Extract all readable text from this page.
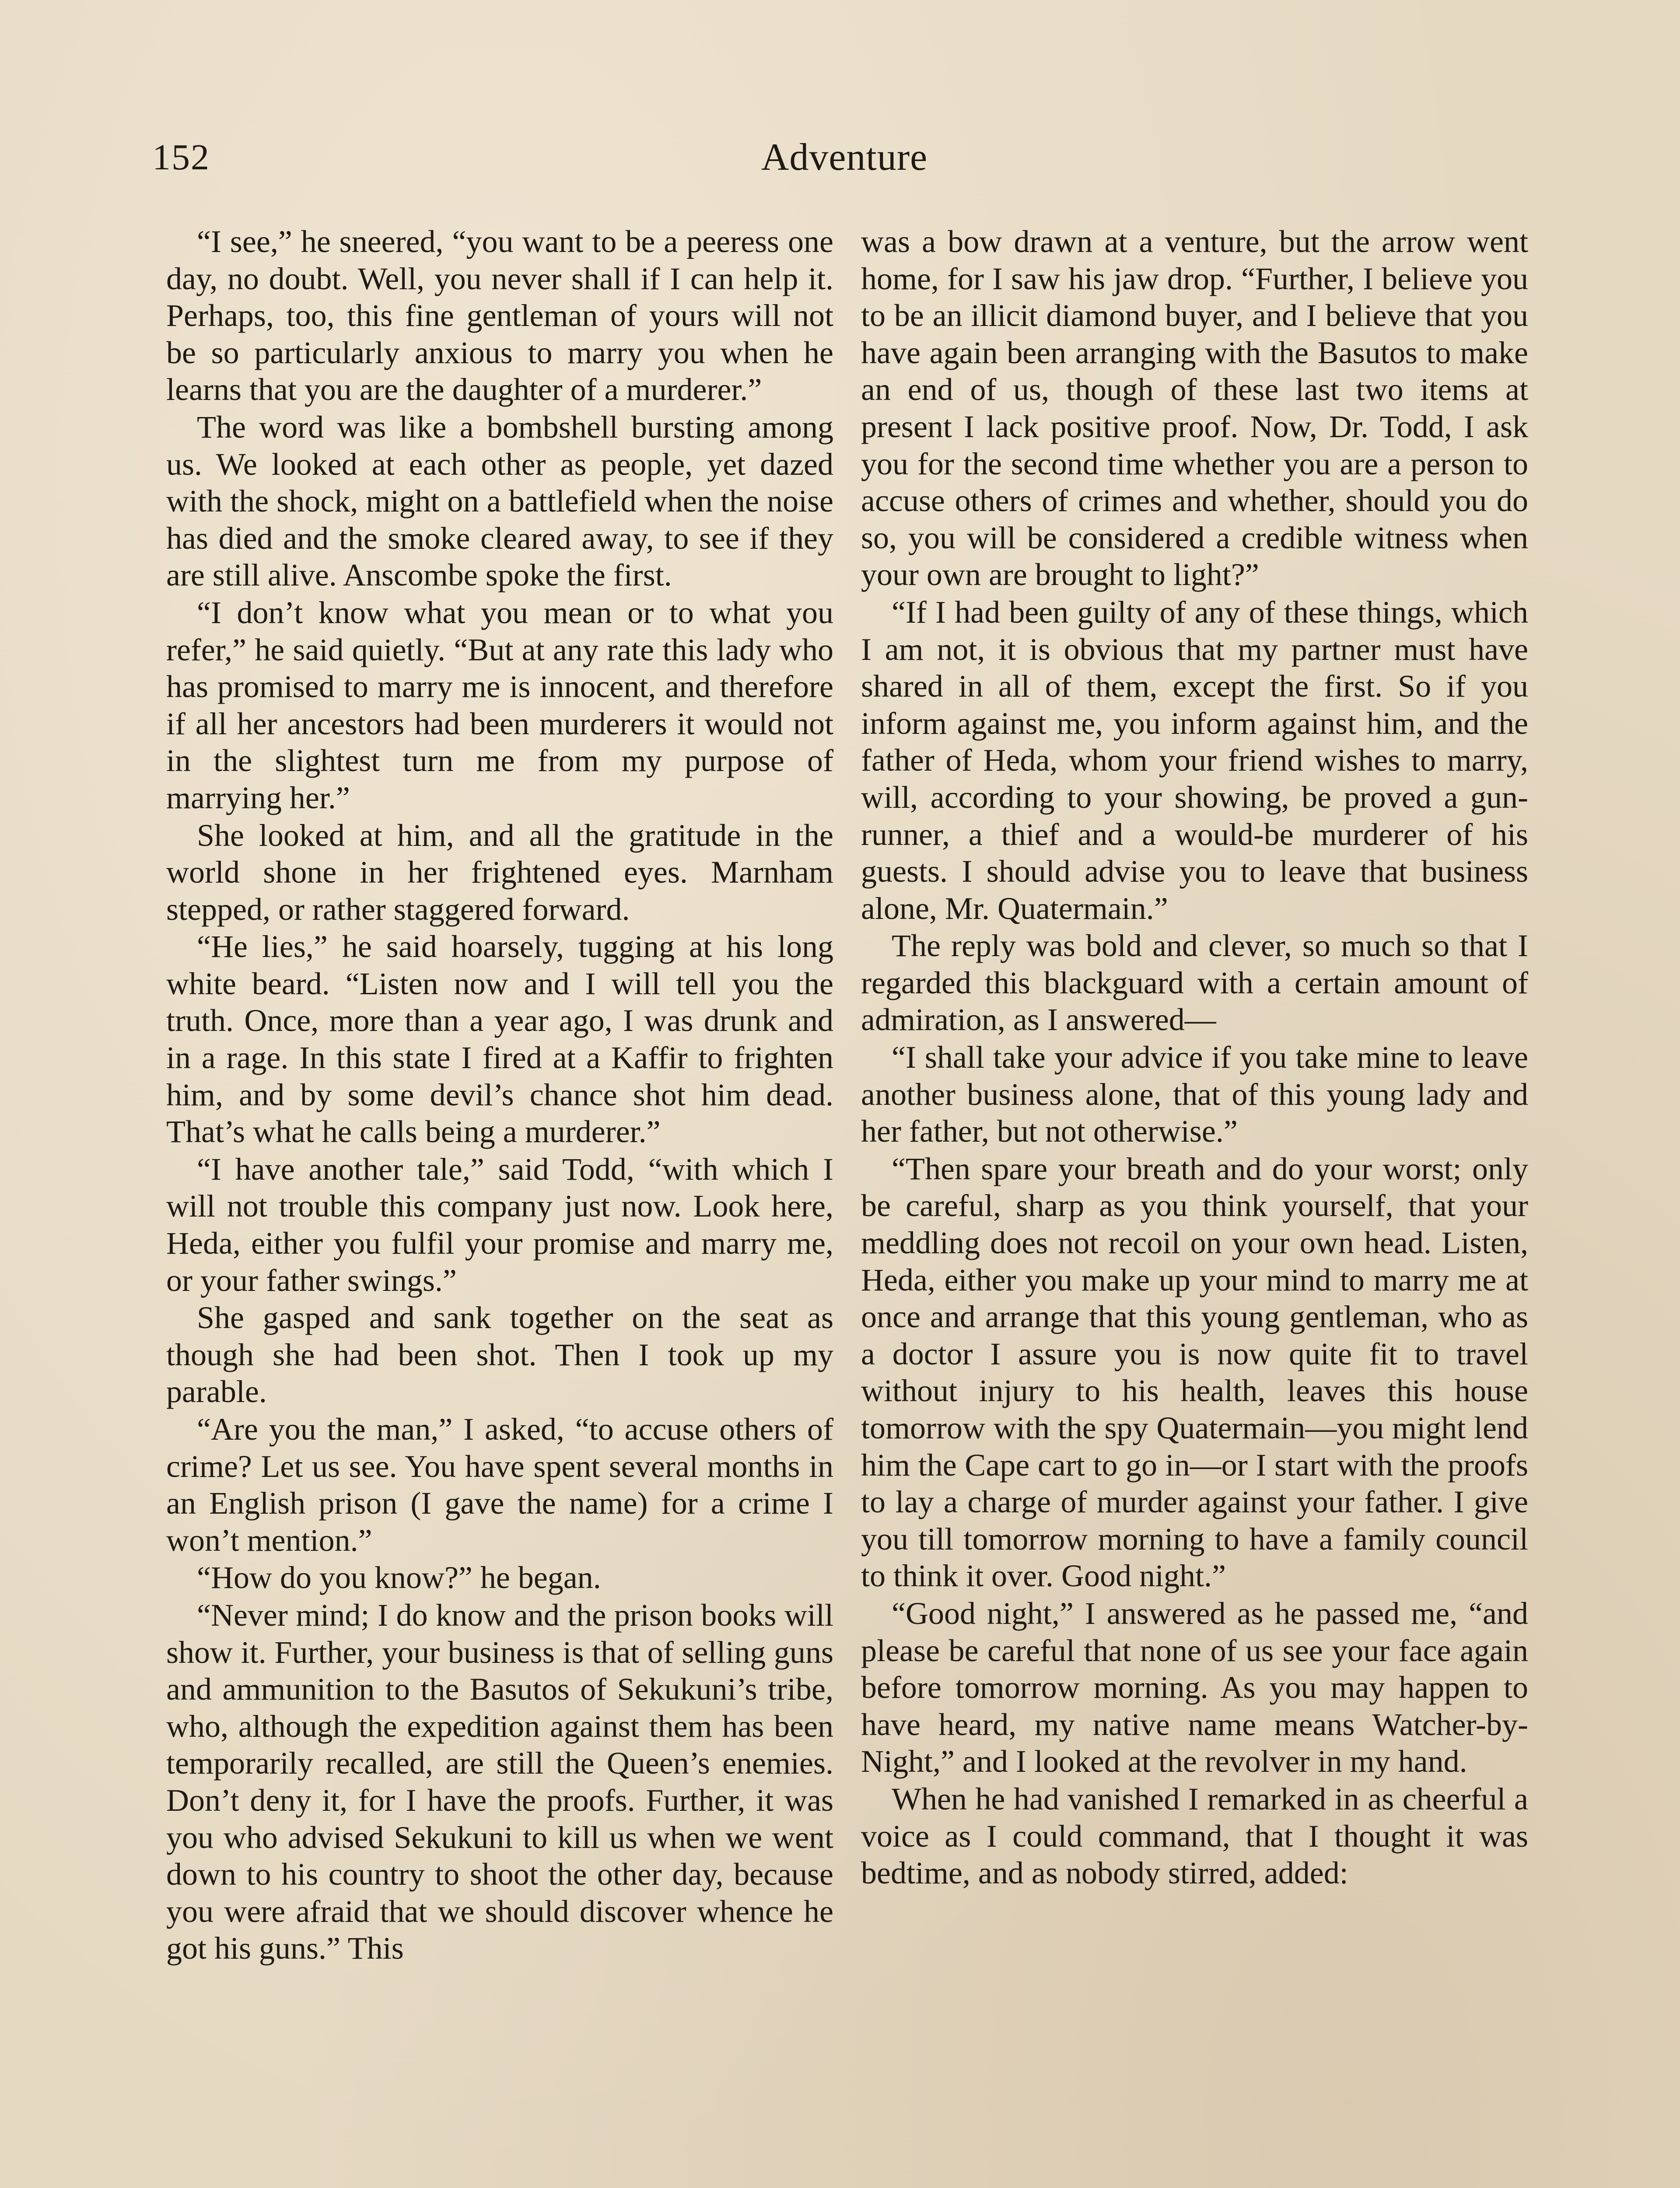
152	Adventure

“I see,” he sneered, “you want to be a peeress one day, no doubt. Well, you never shall if I can help it. Perhaps, too, this fine gentleman of yours will not be so particularly anxious to marry you when he learns that you are the daughter of a murderer.”

The word was like a bombshell bursting among us. We looked at each other as people, yet dazed with the shock, might on a battlefield when the noise has died and the smoke cleared away, to see if they are still alive. Anscombe spoke the first.

“I don’t know what you mean or to what you refer,” he said quietly. “But at any rate this lady who has promised to marry me is innocent, and therefore if all her ancestors had been murderers it would not in the slightest turn me from my purpose of marrying her.”

She looked at him, and all the gratitude in the world shone in her frightened eyes. Marnham stepped, or rather staggered forward.

“He lies,” he said hoarsely, tugging at his long white beard. “Listen now and I will tell you the truth. Once, more than a year ago, I was drunk and in a rage. In this state I fired at a Kaffir to frighten him, and by some devil’s chance shot him dead. That’s what he calls being a murderer.”

“I have another tale,” said Todd, “with which I will not trouble this company just now. Look here, Heda, either you fulfil your promise and marry me, or your father swings.”

She gasped and sank together on the seat as though she had been shot. Then I took up my parable.

“Are you the man,” I asked, “to accuse others of crime? Let us see. You have spent several months in an English prison (I gave the name) for a crime I won’t mention.”

“How do you know?” he began.

“Never mind; I do know and the prison books will show it. Further, your business is that of selling guns and ammunition to the Basutos of Sekukuni’s tribe, who, although the expedition against them has been temporarily recalled, are still the Queen’s enemies. Don’t deny it, for I have the proofs. Further, it was you who advised Sekukuni to kill us when we went down to his country to shoot the other day, because you were afraid that we should discover whence he got his guns.” This

was a bow drawn at a venture, but the arrow went home, for I saw his jaw drop. “Further, I believe you to be an illicit diamond buyer, and I believe that you have again been arranging with the Basutos to make an end of us, though of these last two items at present I lack positive proof. Now, Dr. Todd, I ask you for the second time whether you are a person to accuse others of crimes and whether, should you do so, you will be considered a credible witness when your own are brought to light?”

“If I had been guilty of any of these things, which I am not, it is obvious that my partner must have shared in all of them, except the first. So if you inform against me, you inform against him, and the father of Heda, whom your friend wishes to marry, will, according to your showing, be proved a gun-runner, a thief and a would-be murderer of his guests. I should advise you to leave that business alone, Mr. Quatermain.”

The reply was bold and clever, so much so that I regarded this blackguard with a certain amount of admiration, as I answered—

“I shall take your advice if you take mine to leave another business alone, that of this young lady and her father, but not otherwise.”

“Then spare your breath and do your worst; only be careful, sharp as you think yourself, that your meddling does not recoil on your own head. Listen, Heda, either you make up your mind to marry me at once and arrange that this young gentleman, who as a doctor I assure you is now quite fit to travel without injury to his health, leaves this house tomorrow with the spy Quatermain—you might lend him the Cape cart to go in—or I start with the proofs to lay a charge of murder against your father. I give you till tomorrow morning to have a family council to think it over. Good night.”

“Good night,” I answered as he passed me, “and please be careful that none of us see your face again before tomorrow morning. As you may happen to have heard, my native name means Watcher-by-Night,” and I looked at the revolver in my hand.

When he had vanished I remarked in as cheerful a voice as I could command, that I thought it was bedtime, and as nobody stirred, added:
